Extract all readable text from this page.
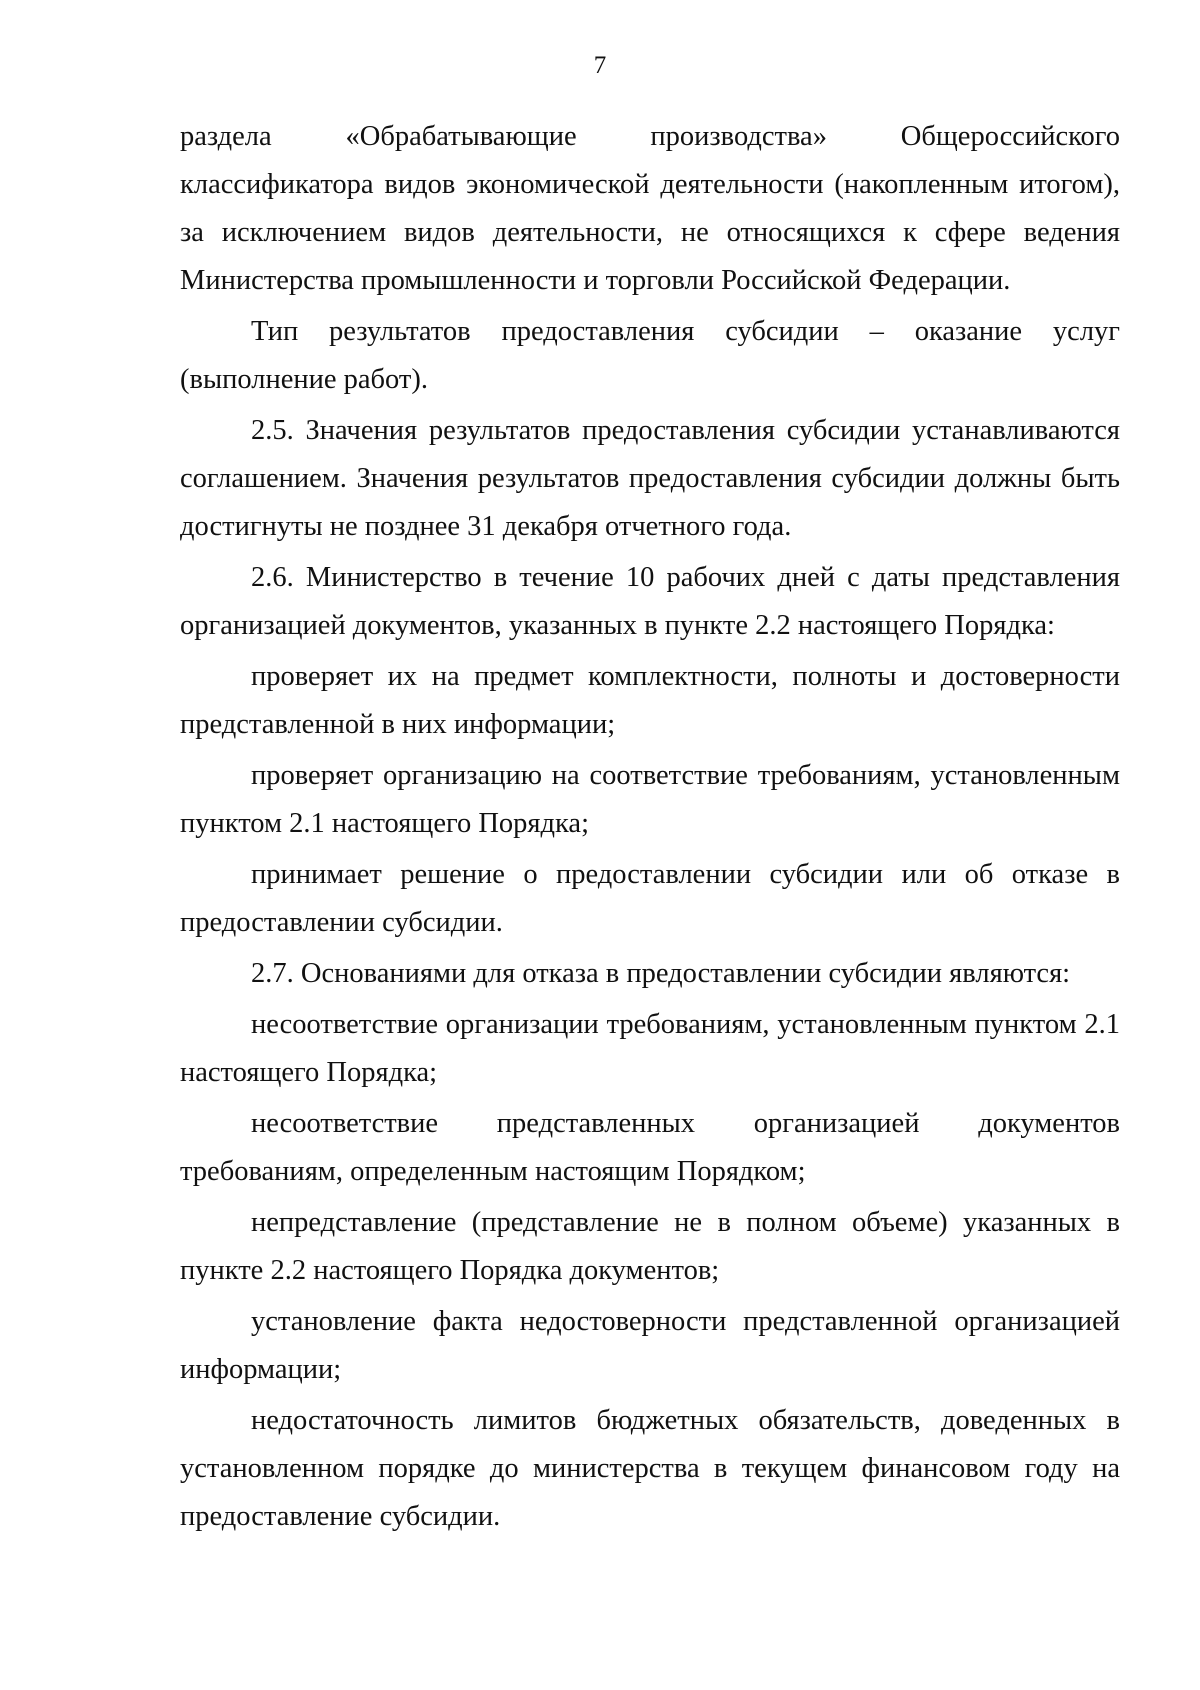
7

раздела «Обрабатывающие производства» Общероссийского классификатора видов экономической деятельности (накопленным итогом), за исключением видов деятельности, не относящихся к сфере ведения Министерства промышленности и торговли Российской Федерации.

Тип результатов предоставления субсидии – оказание услуг (выполнение работ).

2.5. Значения результатов предоставления субсидии устанавливаются соглашением. Значения результатов предоставления субсидии должны быть достигнуты не позднее 31 декабря отчетного года.

2.6. Министерство в течение 10 рабочих дней с даты представления организацией документов, указанных в пункте 2.2 настоящего Порядка:

проверяет их на предмет комплектности, полноты и достоверности представленной в них информации;

проверяет организацию на соответствие требованиям, установленным пунктом 2.1 настоящего Порядка;

принимает решение о предоставлении субсидии или об отказе в предоставлении субсидии.

2.7. Основаниями для отказа в предоставлении субсидии являются:

несоответствие организации требованиям, установленным пунктом 2.1 настоящего Порядка;

несоответствие представленных организацией документов требованиям, определенным настоящим Порядком;

непредставление (представление не в полном объеме) указанных в пункте 2.2 настоящего Порядка документов;

установление факта недостоверности представленной организацией информации;

недостаточность лимитов бюджетных обязательств, доведенных в установленном порядке до министерства в текущем финансовом году на предоставление субсидии.
